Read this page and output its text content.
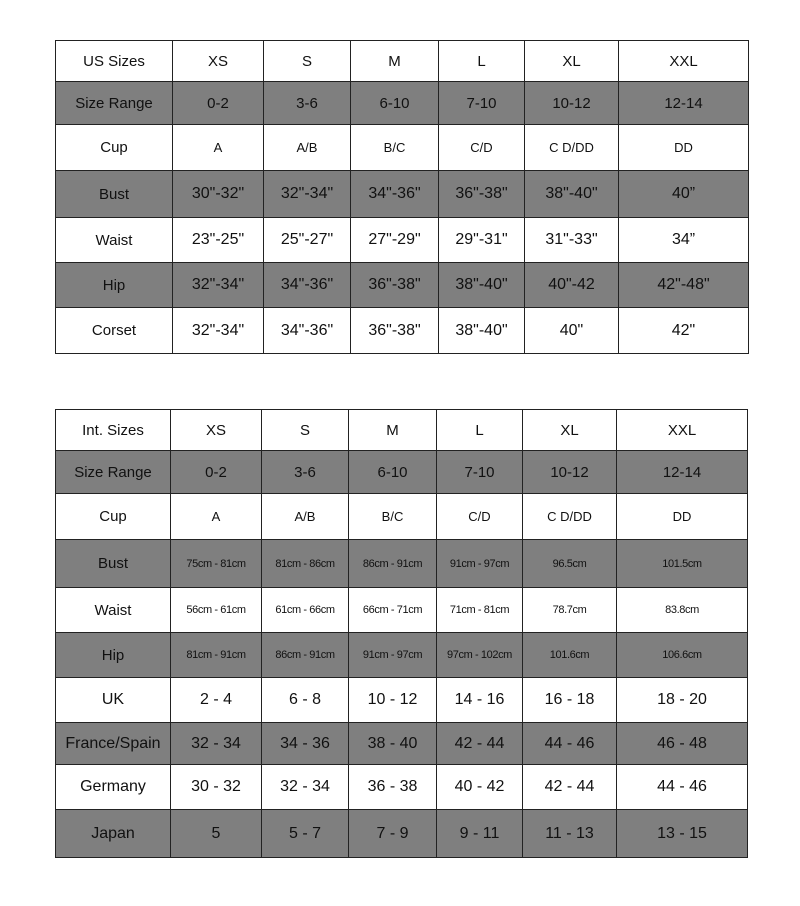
US Sizes	XS	S	M	L	XL	XXL
Size Range	0-2	3-6	6-10	7-10	10-12	12-14
Cup	A	A/B	B/C	C/D	C D/DD	DD
Bust	30"-32"	32"-34"	34"-36"	36"-38"	38"-40"	40”
Waist	23"-25"	25"-27"	27"-29"	29"-31"	31"-33"	34”
Hip	32"-34"	34"-36"	36"-38"	38"-40"	40"-42	42"-48"
Corset	32"-34"	34"-36"	36"-38"	38"-40"	40"	42"
Int. Sizes	XS	S	M	L	XL	XXL
Size Range	0-2	3-6	6-10	7-10	10-12	12-14
Cup	A	A/B	B/C	C/D	C D/DD	DD
Bust	75cm - 81cm	81cm - 86cm	86cm - 91cm	91cm - 97cm	96.5cm	101.5cm
Waist	56cm - 61cm	61cm - 66cm	66cm - 71cm	71cm - 81cm	78.7cm	83.8cm
Hip	81cm - 91cm	86cm - 91cm	91cm - 97cm	97cm - 102cm	101.6cm	106.6cm
UK	2 - 4	6 - 8	10 - 12	14 - 16	16 - 18	18 - 20
France/Spain	32 - 34	34 - 36	38 - 40	42 - 44	44 - 46	46 - 48
Germany	30 - 32	32 - 34	36 - 38	40 - 42	42 - 44	44 - 46
Japan	5	5 - 7	7 - 9	9 - 11	11 - 13	13 - 15
